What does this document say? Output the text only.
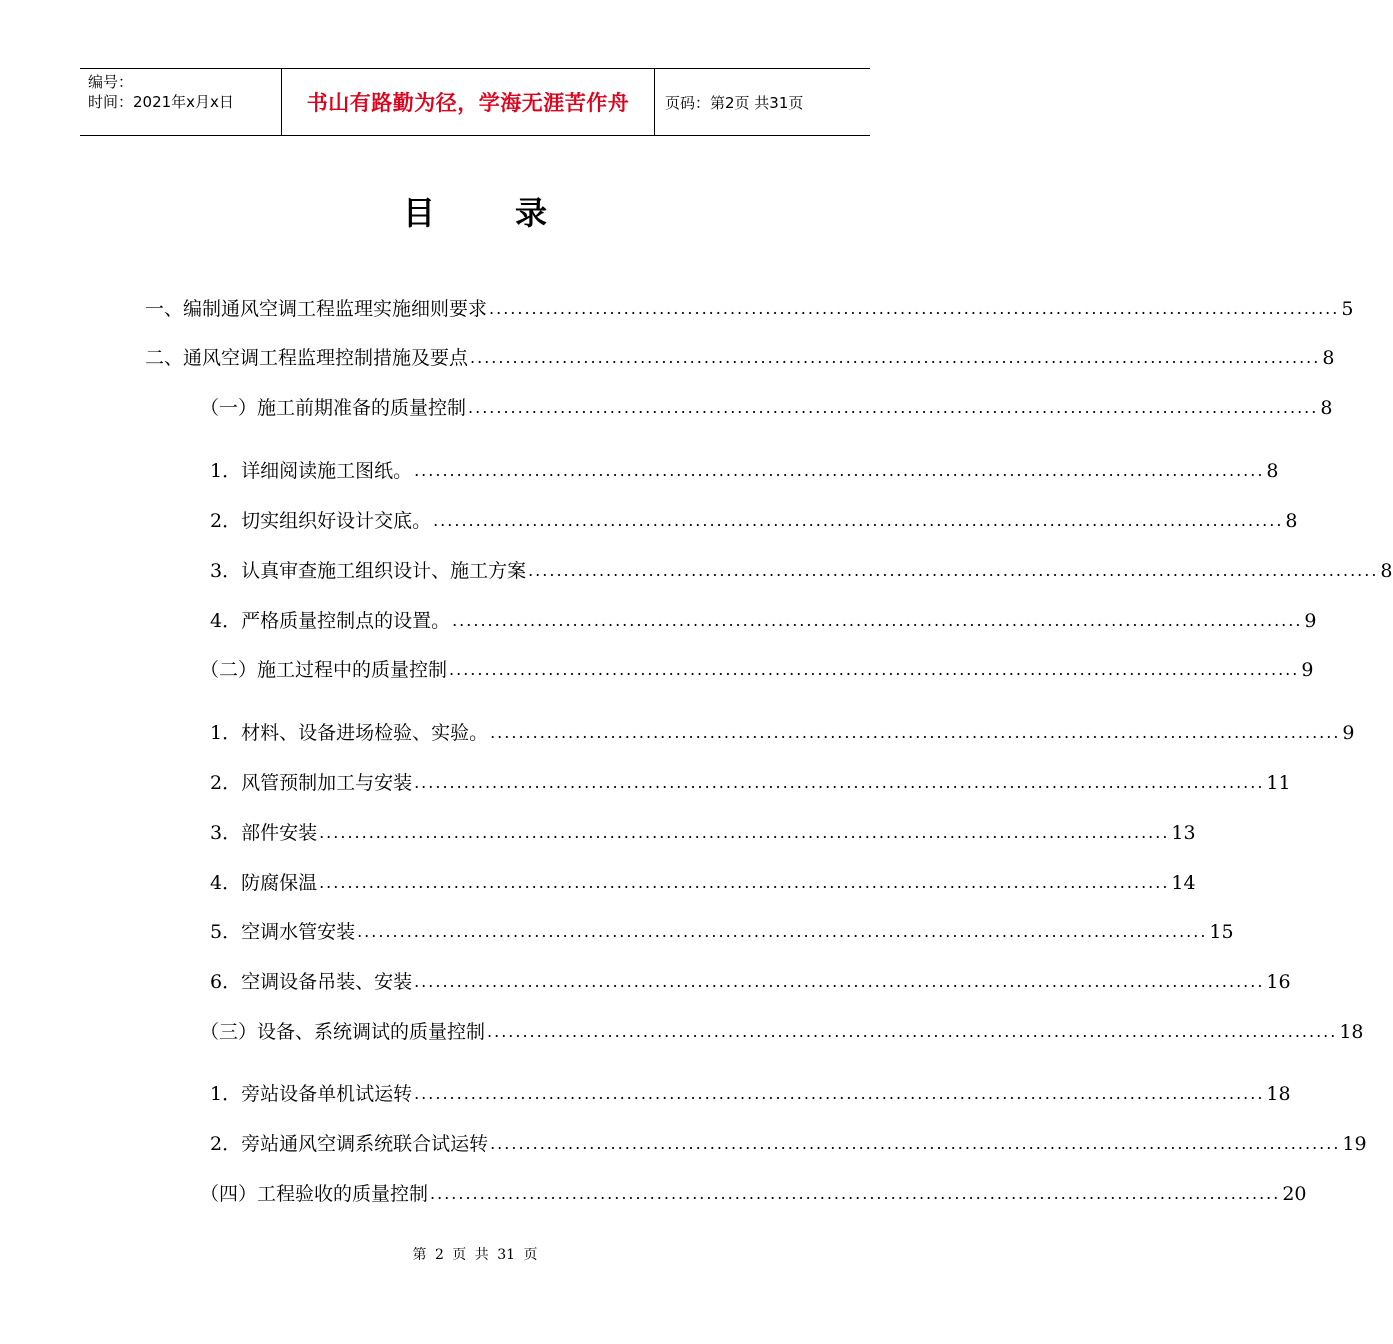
编号：
时间：2021年x月x日	书山有路勤为径，学海无涯苦作舟	页码：第2页 共31页
目录
一、编制通风空调工程监理实施细则要求 ........................................................................................................................ 5
二、通风空调工程监理控制措施及要点 ........................................................................................................................ 8
（一）施工前期准备的质量控制 ........................................................................................................................ 8
1．详细阅读施工图纸。 ........................................................................................................................ 8
2．切实组织好设计交底。 ........................................................................................................................ 8
3．认真审查施工组织设计、施工方案 ........................................................................................................................ 8
4．严格质量控制点的设置。 ........................................................................................................................ 9
（二）施工过程中的质量控制 ........................................................................................................................ 9
1．材料、设备进场检验、实验。 ........................................................................................................................ 9
2．风管预制加工与安装 ........................................................................................................................ 11
3．部件安装 ........................................................................................................................ 13
4．防腐保温 ........................................................................................................................ 14
5．空调水管安装 ........................................................................................................................ 15
6．空调设备吊装、安装 ........................................................................................................................ 16
（三）设备、系统调试的质量控制 ........................................................................................................................ 18
1．旁站设备单机试运转 ........................................................................................................................ 18
2．旁站通风空调系统联合试运转 ........................................................................................................................ 19
（四）工程验收的质量控制 ........................................................................................................................ 20
第 2 页 共 31 页
